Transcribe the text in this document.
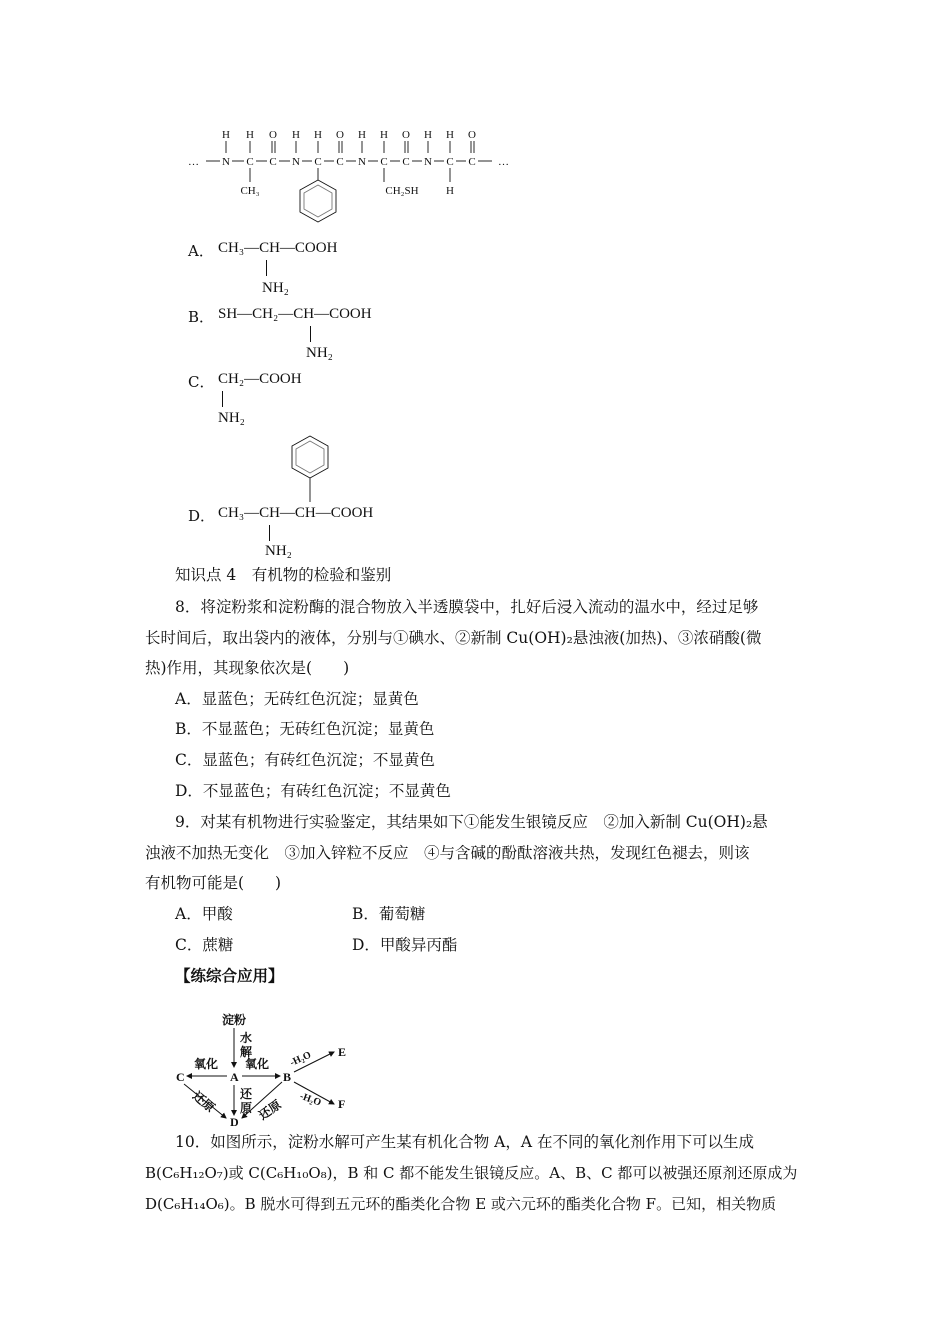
H H O H H O H H O H H O
… N C C N C C N C C N C C …
CH₃	CH₂SH H
A． CH₃—CH—COOH
NH₂
B． SH—CH₂—CH—COOH
NH₂
C． CH₂—COOH
NH₂
D． CH₃—CH—CH—COOH
NH₂
知识点 4　有机物的检验和鉴别
8．将淀粉浆和淀粉酶的混合物放入半透膜袋中，扎好后浸入流动的温水中，经过足够
长时间后，取出袋内的液体，分别与①碘水、②新制 Cu(OH)₂悬浊液(加热)、③浓硝酸(微
热)作用，其现象依次是(　　)
A．显蓝色；无砖红色沉淀；显黄色
B．不显蓝色；无砖红色沉淀；显黄色
C．显蓝色；有砖红色沉淀；不显黄色
D．不显蓝色；有砖红色沉淀；不显黄色
9．对某有机物进行实验鉴定，其结果如下①能发生银镜反应　②加入新制 Cu(OH)₂悬
浊液不加热无变化　③加入锌粒不反应　④与含碱的酚酞溶液共热，发现红色褪去，则该
有机物可能是(　　)
A．甲酸	B．葡萄糖
C．蔗糖	D．甲酸异丙酯
【练综合应用】
淀粉
水
解
C	A	B
D
E
F
氧化 氧化
还
原
还原	还原
-H₂O
-H₂O
10．如图所示，淀粉水解可产生某有机化合物 A，A 在不同的氧化剂作用下可以生成
B(C₆H₁₂O₇)或 C(C₆H₁₀O₈)，B 和 C 都不能发生银镜反应。A、B、C 都可以被强还原剂还原成为
D(C₆H₁₄O₆)。B 脱水可得到五元环的酯类化合物 E 或六元环的酯类化合物 F。已知，相关物质
